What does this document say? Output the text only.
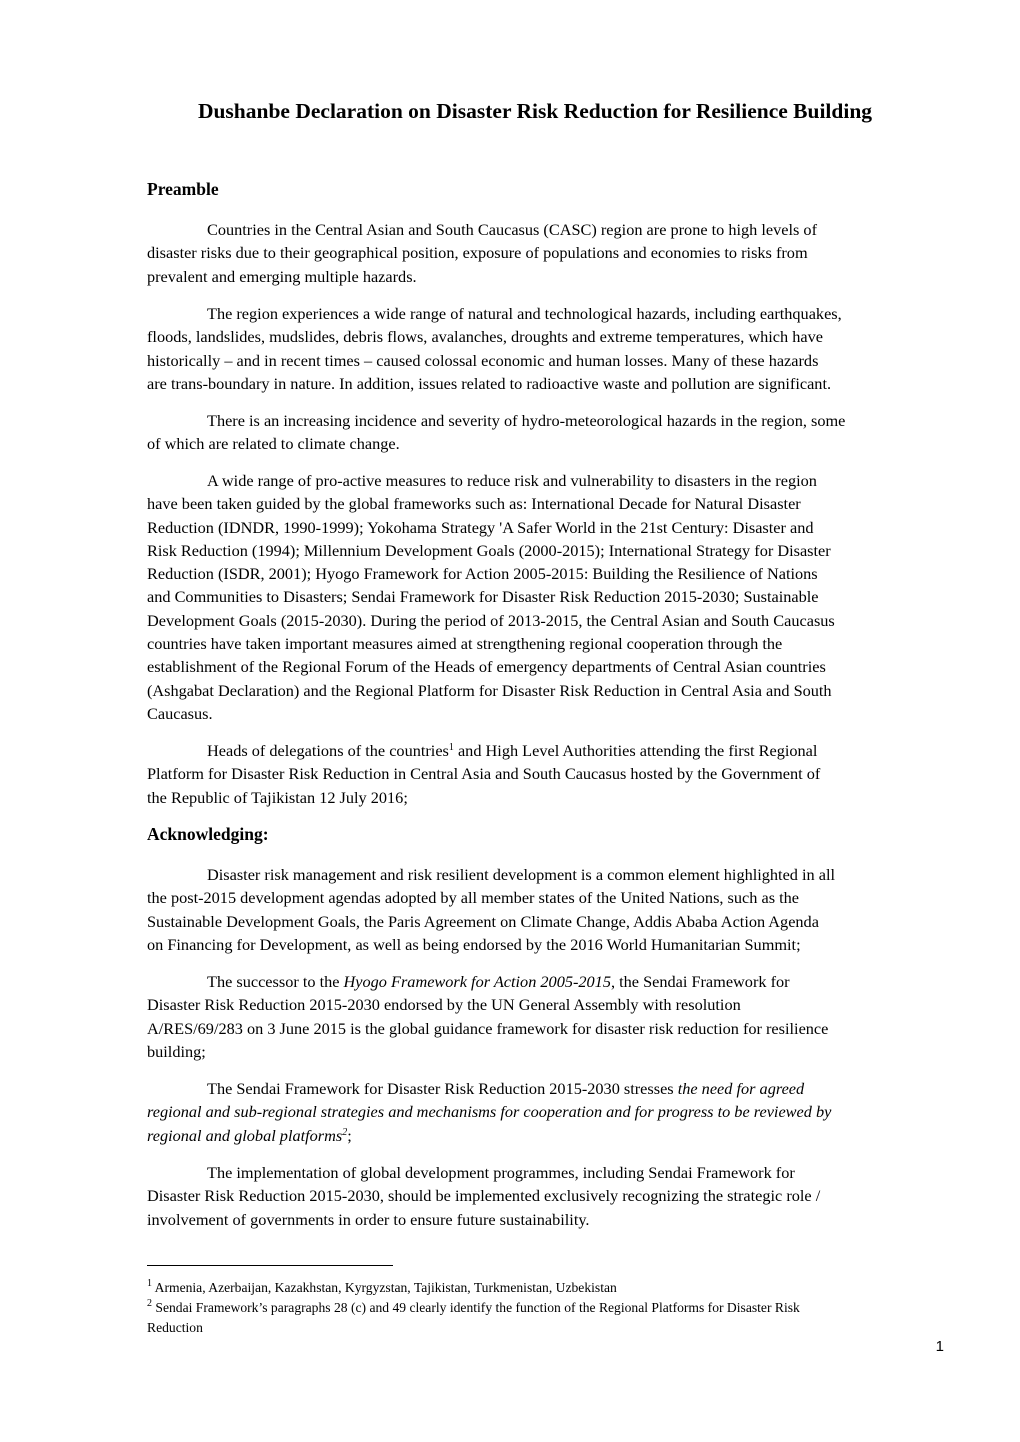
Dushanbe Declaration on Disaster Risk Reduction for Resilience Building
Preamble
Acknowledging:
Countries in the Central Asian and South Caucasus (CASC) region are prone to high levels of
disaster risks due to their geographical position, exposure of populations and economies to risks from
prevalent and emerging multiple hazards.
The region experiences a wide range of natural and technological hazards, including earthquakes,
floods, landslides, mudslides, debris flows, avalanches, droughts and extreme temperatures, which have
historically – and in recent times – caused colossal economic and human losses. Many of these hazards
are trans-boundary in nature. In addition, issues related to radioactive waste and pollution are significant.
There is an increasing incidence and severity of hydro-meteorological hazards in the region, some
of which are related to climate change.
A wide range of pro-active measures to reduce risk and vulnerability to disasters in the region
have been taken guided by the global frameworks such as: International Decade for Natural Disaster
Reduction (IDNDR, 1990-1999); Yokohama Strategy 'A Safer World in the 21st Century: Disaster and
Risk Reduction (1994); Millennium Development Goals (2000-2015); International Strategy for Disaster
Reduction (ISDR, 2001); Hyogo Framework for Action 2005-2015: Building the Resilience of Nations
and Communities to Disasters; Sendai Framework for Disaster Risk Reduction 2015-2030; Sustainable
Development Goals (2015-2030). During the period of 2013-2015, the Central Asian and South Caucasus
countries have taken important measures aimed at strengthening regional cooperation through the
establishment of the Regional Forum of the Heads of emergency departments of Central Asian countries
(Ashgabat Declaration) and the Regional Platform for Disaster Risk Reduction in Central Asia and South
Caucasus.
Heads of delegations of the countries$^1$ and High Level Authorities attending the first Regional
Platform for Disaster Risk Reduction in Central Asia and South Caucasus hosted by the Government of
the Republic of Tajikistan 12 July 2016;
Disaster risk management and risk resilient development is a common element highlighted in all
the post-2015 development agendas adopted by all member states of the United Nations, such as the
Sustainable Development Goals, the Paris Agreement on Climate Change, Addis Ababa Action Agenda
on Financing for Development, as well as being endorsed by the 2016 World Humanitarian Summit;
The successor to the Hyogo Framework for Action 2005-2015, the Sendai Framework for
Disaster Risk Reduction 2015-2030 endorsed by the UN General Assembly with resolution
A/RES/69/283 on 3 June 2015 is the global guidance framework for disaster risk reduction for resilience
building;
The Sendai Framework for Disaster Risk Reduction 2015-2030 stresses the need for agreed
regional and sub-regional strategies and mechanisms for cooperation and for progress to be reviewed by
regional and global platforms$^2$;
The implementation of global development programmes, including Sendai Framework for
Disaster Risk Reduction 2015-2030, should be implemented exclusively recognizing the strategic role /
involvement of governments in order to ensure future sustainability.
$^1$ Armenia, Azerbaijan, Kazakhstan, Kyrgyzstan, Tajikistan, Turkmenistan, Uzbekistan
$^2$ Sendai Framework’s paragraphs 28 (c) and 49 clearly identify the function of the Regional Platforms for Disaster Risk
Reduction
1
